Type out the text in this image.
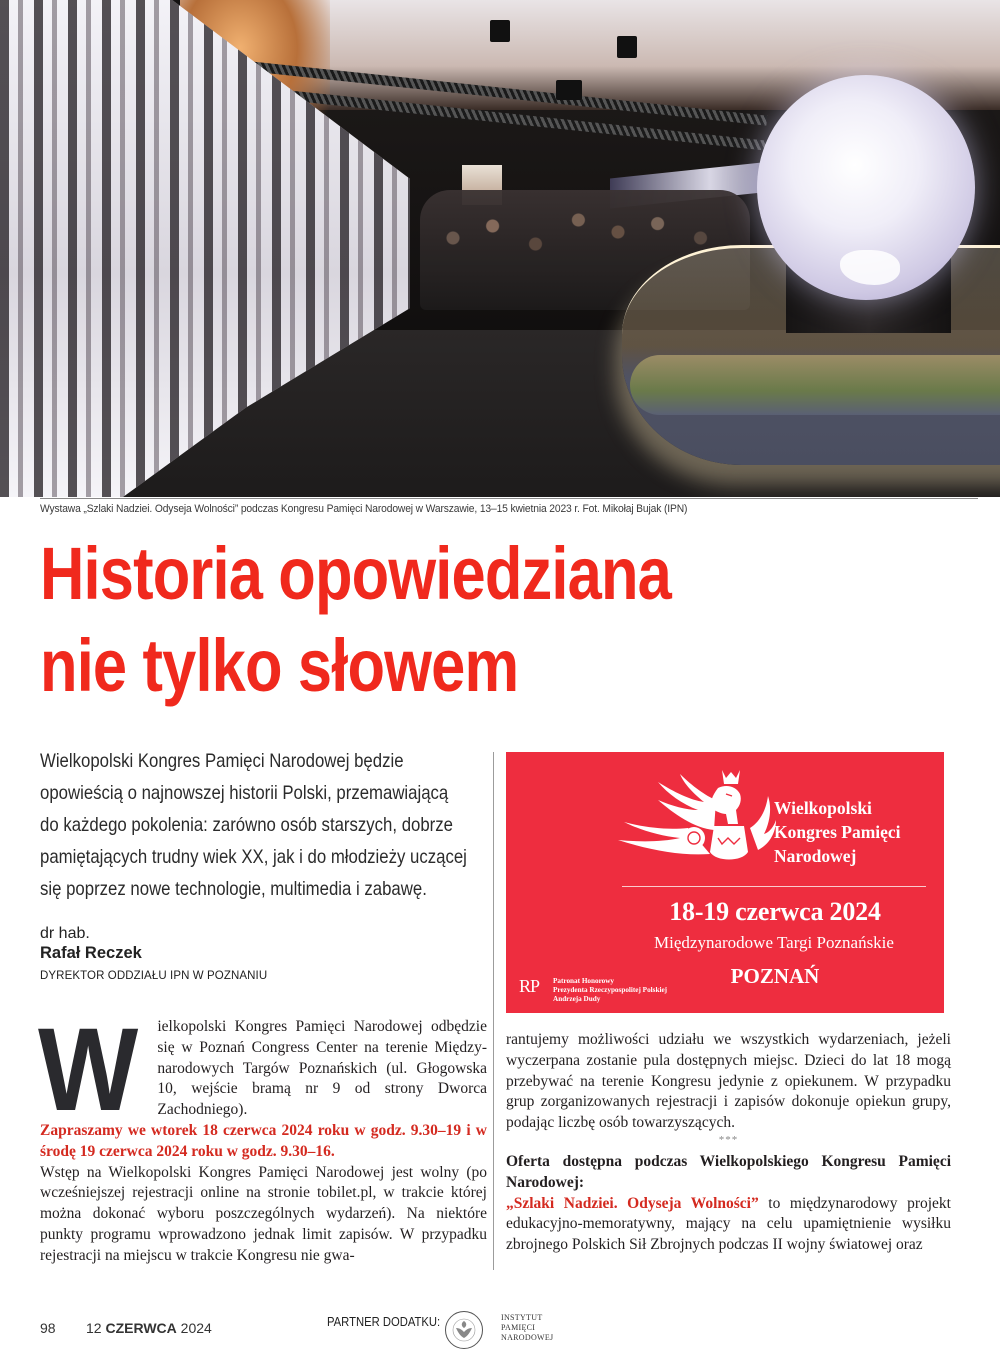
Wystawa „Szlaki Nadziei. Odyseja Wolności” podczas Kongresu Pamięci Narodowej w Warszawie, 13–15 kwietnia 2023 r. Fot. Mikołaj Bujak (IPN)
Historia opowiedziana
nie tylko słowem
Wielkopolski Kongres Pamięci Narodowej będzie
opowieścią o najnowszej historii Polski, przemawiającą
do każdego pokolenia: zarówno osób starszych, dobrze
pamiętających trudny wiek XX, jak i do młodzieży uczącej
się poprzez nowe technologie, multimedia i zabawę.
dr hab.
Rafał Reczek
DYREKTOR ODDZIAŁU IPN W POZNANIU
Wielkopolski
Kongres Pamięci
Narodowej
18-19 czerwca 2024
Międzynarodowe Targi Poznańskie
POZNAŃ
RP Patronat Honorowy
Prezydenta Rzeczypospolitej Polskiej
Andrzeja Dudy
W	ielkopolski Kongres Pamięci Narodowej odbędzie się w Poznań Congress Center na terenie Międzynarodowych Targów Poznańskich (ul. Głogowska 10, wejście bramą nr 9 od strony Dworca Zachodniego).

Zapraszamy we wtorek 18 czerwca 2024 roku w godz. 9.30–19 i w środę 19 czerwca 2024 roku w godz. 9.30–16.

Wstęp na Wielkopolski Kongres Pamięci Narodowej jest wolny (po wcześniejszej rejestracji online na stronie tobilet.pl, w trakcie której można dokonać wyboru poszczególnych wydarzeń). Na niektóre punkty programu wprowadzono jednak limit zapisów. W przypadku rejestracji na miejscu w trakcie Kongresu nie gwa-

rantujemy możliwości udziału we wszystkich wydarzeniach, jeżeli wyczerpana zostanie pula dostępnych miejsc. Dzieci do lat 18 mogą przebywać na terenie Kongresu jedynie z opiekunem. W przypadku grup zorganizowanych rejestracji i zapisów dokonuje opiekun grupy, podając liczbę osób towarzyszących.

***

Oferta dostępna podczas Wielkopolskiego Kongresu Pamięci Narodowej:

„Szlaki Nadziei. Odyseja Wolności” to międzynarodowy projekt edukacyjno-memoratywny, mający na celu upamiętnienie wysiłku zbrojnego Polskich Sił Zbrojnych podczas II wojny światowej oraz

98 12 CZERWCA 2024	PARTNER DODATKU:	INSTYTUT
PAMIĘCI
NARODOWEJ
